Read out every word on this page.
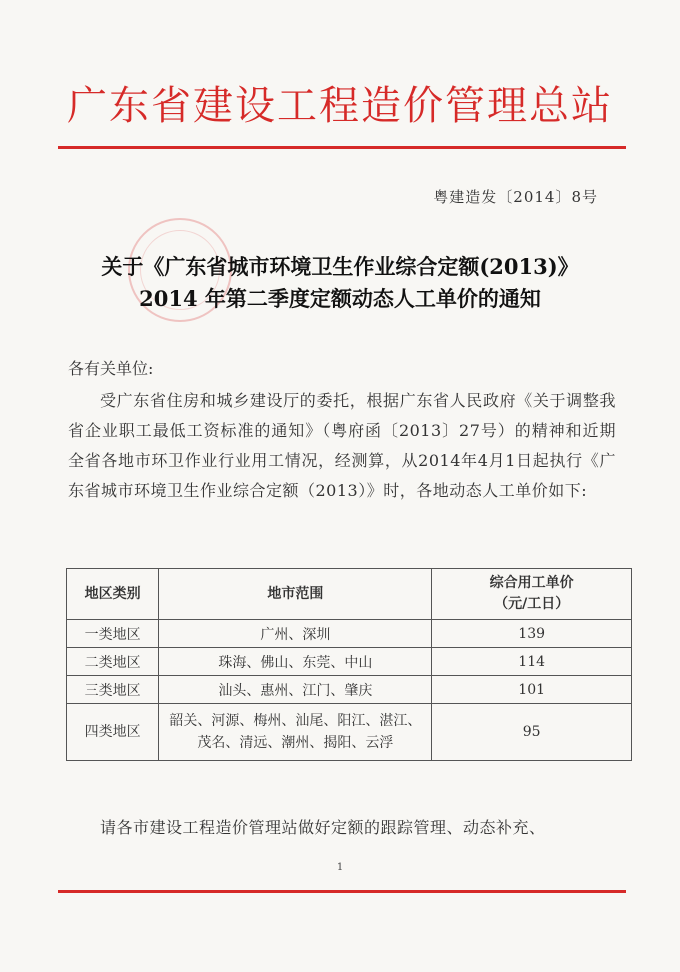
广东省建设工程造价管理总站
粤建造发〔2014〕8号
关于《广东省城市环境卫生作业综合定额(2013)》
2014 年第二季度定额动态人工单价的通知
各有关单位:
受广东省住房和城乡建设厅的委托，根据广东省人民政府《关于调整我省企业职工最低工资标准的通知》（粤府函〔2013〕27号）的精神和近期全省各地市环卫作业行业用工情况，经测算，从2014年4月1日起执行《广东省城市环境卫生作业综合定额（2013）》时，各地动态人工单价如下:
地区类别	地市范围	综合用工单价
（元/工日）

一类地区	广州、深圳	139
二类地区	珠海、佛山、东莞、中山	114
三类地区	汕头、惠州、江门、肇庆	101
四类地区	韶关、河源、梅州、汕尾、阳江、湛江、
茂名、清远、潮州、揭阳、云浮	95
请各市建设工程造价管理站做好定额的跟踪管理、动态补充、
1
